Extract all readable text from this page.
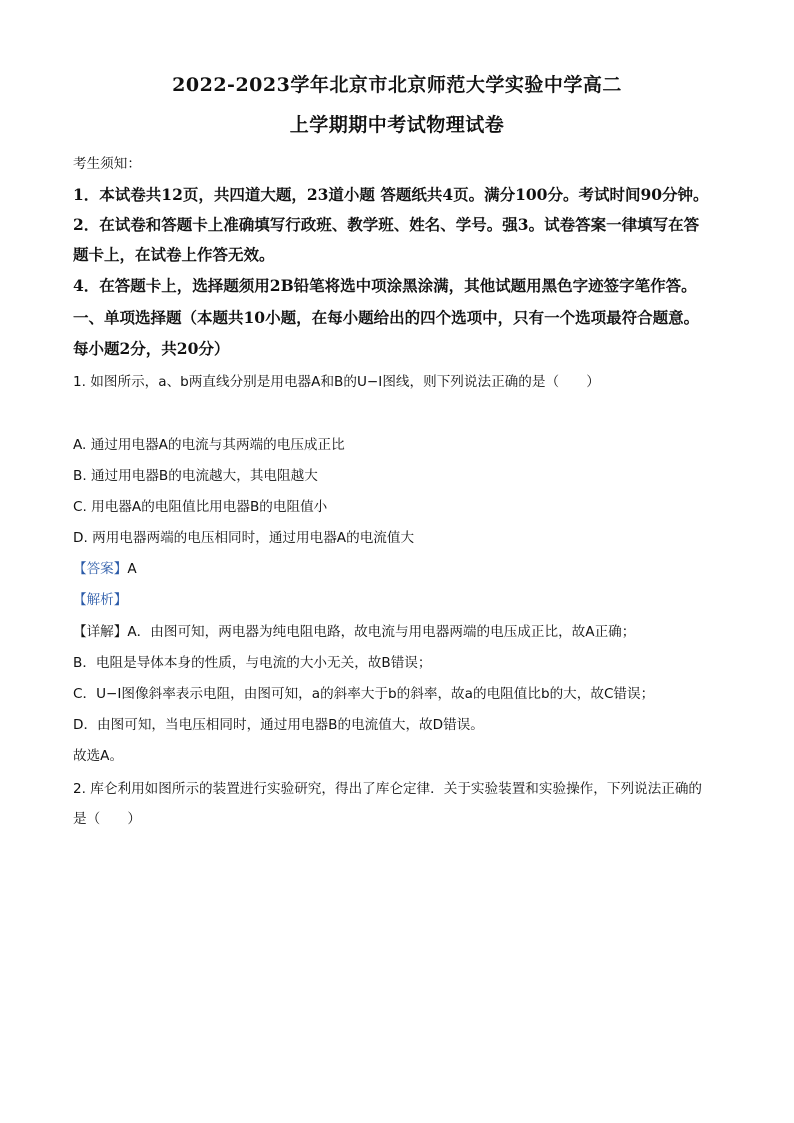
2022-2023学年北京市北京师范大学实验中学高二
上学期期中考试物理试卷
考生须知：
1．本试卷共12页，共四道大题，23道小题 答题纸共4页。满分100分。考试时间90分钟。
2．在试卷和答题卡上准确填写行政班、教学班、姓名、学号。强3。试卷答案一律填写在答
题卡上，在试卷上作答无效。
4．在答题卡上，选择题须用2B铅笔将选中项涂黑涂满，其他试题用黑色字迹签字笔作答。
一、单项选择题（本题共10小题，在每小题给出的四个选项中，只有一个选项最符合题意。
每小题2分，共20分）
1. 如图所示，a、b两直线分别是用电器A和B的U−I图线，则下列说法正确的是（　　）
A. 通过用电器A的电流与其两端的电压成正比
B. 通过用电器B的电流越大，其电阻越大
C. 用电器A的电阻值比用电器B的电阻值小
D. 两用电器两端的电压相同时，通过用电器A的电流值大
【答案】A
【解析】
【详解】A．由图可知，两电器为纯电阻电路，故电流与用电器两端的电压成正比，故A正确；
B．电阻是导体本身的性质，与电流的大小无关，故B错误；
C．U−I图像斜率表示电阻，由图可知，a的斜率大于b的斜率，故a的电阻值比b的大，故C错误；
D．由图可知，当电压相同时，通过用电器B的电流值大，故D错误。
故选A。
2. 库仑利用如图所示的装置进行实验研究，得出了库仑定律．关于实验装置和实验操作，下列说法正确的
是（　　）
